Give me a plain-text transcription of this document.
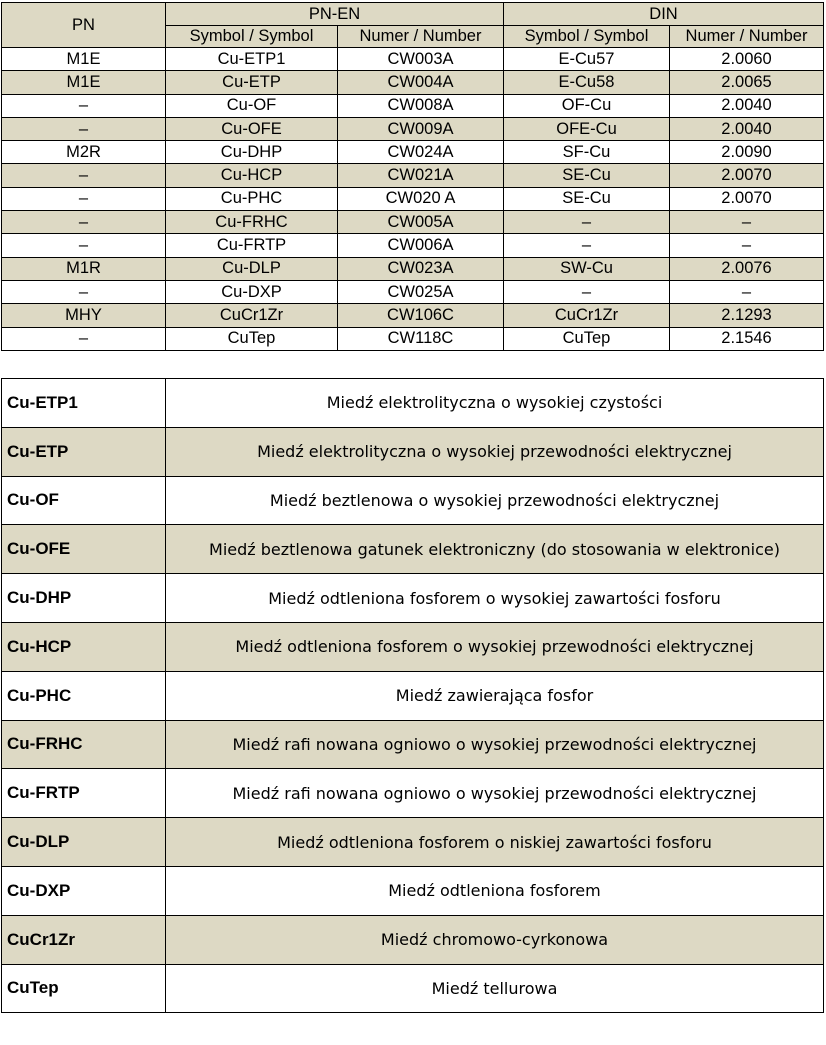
PN	PN-EN		DIN	
	Symbol / Symbol	Numer / Number	Symbol / Symbol	Numer / Number
M1E	Cu-ETP1	CW003A	E-Cu57	2.0060
M1E	Cu-ETP	CW004A	E-Cu58	2.0065
–	Cu-OF	CW008A	OF-Cu	2.0040
–	Cu-OFE	CW009A	OFE-Cu	2.0040
M2R	Cu-DHP	CW024A	SF-Cu	2.0090
–	Cu-HCP	CW021A	SE-Cu	2.0070
–	Cu-PHC	CW020 A	SE-Cu	2.0070
–	Cu-FRHC	CW005A	–	–
–	Cu-FRTP	CW006A	–	–
M1R	Cu-DLP	CW023A	SW-Cu	2.0076
–	Cu-DXP	CW025A	–	–
MHY	CuCr1Zr	CW106C	CuCr1Zr	2.1293
–	CuTep	CW118C	CuTep	2.1546
Cu-ETP1	Miedź elektrolityczna o wysokiej czystości
Cu-ETP	Miedź elektrolityczna o wysokiej przewodności elektrycznej
Cu-OF	Miedź beztlenowa o wysokiej przewodności elektrycznej
Cu-OFE	Miedź beztlenowa gatunek elektroniczny (do stosowania w elektronice)
Cu-DHP	Miedź odtleniona fosforem o wysokiej zawartości fosforu
Cu-HCP	Miedź odtleniona fosforem o wysokiej przewodności elektrycznej
Cu-PHC	Miedź zawierająca fosfor
Cu-FRHC	Miedź rafi nowana ogniowo o wysokiej przewodności elektrycznej
Cu-FRTP	Miedź rafi nowana ogniowo o wysokiej przewodności elektrycznej
Cu-DLP	Miedź odtleniona fosforem o niskiej zawartości fosforu
Cu-DXP	Miedź odtleniona fosforem
CuCr1Zr	Miedź chromowo-cyrkonowa
CuTep	Miedź tellurowa
